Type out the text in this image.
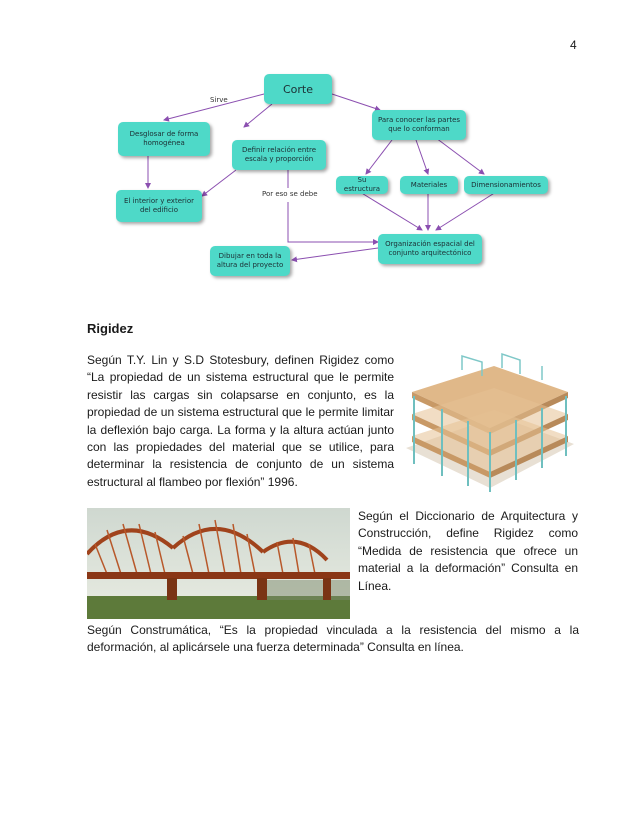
4
Corte
Sirve
Desglosar de forma homogénea
Definir relación entre escala y proporción
Para conocer las partes que lo conforman
El interior y exterior del edificio
Por eso se debe
Su estructura
Materiales	Dimensionamientos
Dibujar en toda la altura del proyecto
Organización espacial del conjunto arquitectónico
Rigidez

Según T.Y. Lin y S.D Stotesbury, definen Rigidez como “La propiedad de un sistema estructural que le permite resistir las cargas sin colapsarse en conjunto, es la propiedad de un sistema estructural que le permite limitar la deflexión bajo carga. La forma y la altura actúan junto con las propiedades del material que se utilice, para determinar la resistencia de conjunto de un sistema estructural al flambeo por flexión” 1996.

Según el Diccionario de Arquitectura y Construcción, define Rigidez como “Medida de resistencia que ofrece un material a la deformación” Consulta en Línea.

Según Construmática, “Es la propiedad vinculada a la resistencia del mismo a la deformación, al aplicársele una fuerza determinada” Consulta en línea.
